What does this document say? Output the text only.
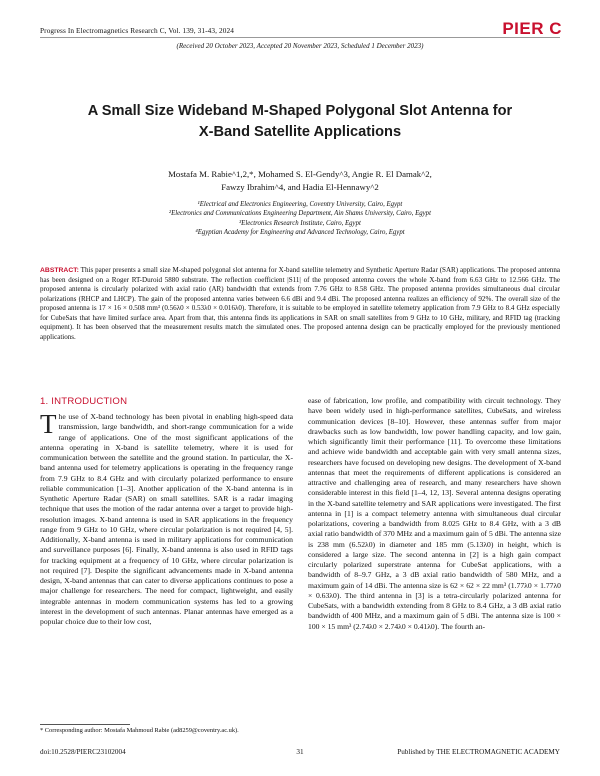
Progress In Electromagnetics Research C, Vol. 139, 31-43, 2024	PIER C
(Received 20 October 2023, Accepted 20 November 2023, Scheduled 1 December 2023)
A Small Size Wideband M-Shaped Polygonal Slot Antenna for
X-Band Satellite Applications
Mostafa M. Rabie^1,2,*, Mohamed S. El-Gendy^3, Angie R. El Damak^2,
Fawzy Ibrahim^4, and Hadia El-Hennawy^2
¹Electrical and Electronics Engineering, Coventry University, Cairo, Egypt
²Electronics and Communications Engineering Department, Ain Shams University, Cairo, Egypt
³Electronics Research Institute, Cairo, Egypt
⁴Egyptian Academy for Engineering and Advanced Technology, Cairo, Egypt
ABSTRACT: This paper presents a small size M-shaped polygonal slot antenna for X-band satellite telemetry and Synthetic Aperture Radar (SAR) applications. The proposed antenna has been designed on a Roger RT-Duroid 5880 substrate. The reflection coefficient |S11| of the proposed antenna covers the whole X-band from 6.63 GHz to 12.566 GHz. The proposed antenna is circularly polarized with axial ratio (AR) bandwidth that extends from 7.76 GHz to 8.58 GHz. The proposed antenna provides simultaneous dual circular polarizations (RHCP and LHCP). The gain of the proposed antenna varies between 6.6 dBi and 9.4 dBi. The proposed antenna realizes an efficiency of 92%. The overall size of the proposed antenna is 17 × 16 × 0.508 mm³ (0.56λ0 × 0.53λ0 × 0.016λ0). Therefore, it is suitable to be employed in satellite telemetry application from 7.9 GHz to 8.4 GHz especially for CubeSats that have limited surface area. Apart from that, this antenna finds its applications in SAR on small satellites from 9 GHz to 10 GHz, military, and RFID tag (tracking equipment). It has been observed that the measurement results match the simulated ones. The proposed antenna design can be practically employed for the previously mentioned applications.
1. INTRODUCTION

T he use of X-band technology has been pivotal in enabling high-speed data transmission, large bandwidth, and short-range communication for a wide range of applications. One of the most significant applications of the antenna operating in X-band is satellite telemetry, where it is used for communication between the satellite and the ground station. In particular, the X-band antenna used for telemetry applications is operating in the frequency range from 7.9 GHz to 8.4 GHz and with circularly polarized performance to ensure reliable communication [1–3]. Another application of the X-band antenna is in Synthetic Aperture Radar (SAR) on small satellites. SAR is a radar imaging technique that uses the motion of the radar antenna over a target to provide high-resolution images. X-band antenna is used in SAR applications in the frequency range from 9 GHz to 10 GHz, where circular polarization is not required [4, 5]. Additionally, X-band antenna is used in military applications for communication and surveillance purposes [6]. Finally, X-band antenna is also used in RFID tags for tracking equipment at a frequency of 10 GHz, where circular polarization is not required [7]. Despite the significant advancements made in X-band antenna design, X-band antennas that can cater to diverse applications continues to pose a major challenge for researchers. The need for compact, lightweight, and easily integrable antennas in modern communication systems has led to a growing interest in the development of such antennas. Planar antennas have emerged as a popular choice due to their low cost,

ease of fabrication, low profile, and compatibility with circuit technology. They have been widely used in high-performance satellites, CubeSats, and wireless communication devices [8–10]. However, these antennas suffer from major drawbacks such as low bandwidth, low power handling capacity, and low gain, which significantly limit their performance [11]. To overcome these limitations and achieve wide bandwidth and acceptable gain with very small antenna sizes, researchers have focused on developing new designs. The development of X-band antennas that meet the requirements of different applications is considered an attractive and challenging area of research, and many researchers have shown considerable interest in this field [1–4, 12, 13]. Several antenna designs operating in the X-band satellite telemetry and SAR applications were investigated. The first antenna in [1] is a compact telemetry antenna with simultaneous dual circular polarizations, covering a bandwidth from 8.025 GHz to 8.4 GHz, with a 3 dB axial ratio bandwidth of 370 MHz and a maximum gain of 5 dBi. The antenna size is 238 mm (6.52λ0) in diameter and 185 mm (5.13λ0) in height, which is considered a large size. The second antenna in [2] is a high gain compact circularly polarized superstrate antenna for CubeSat applications, with a bandwidth of 8–9.7 GHz, a 3 dB axial ratio bandwidth of 580 MHz, and a maximum gain of 14 dBi. The antenna size is 62 × 62 × 22 mm³ (1.77λ0 × 1.77λ0 × 0.63λ0). The third antenna in [3] is a tetra-circularly polarized antenna for CubeSats, with a bandwidth extending from 8 GHz to 8.4 GHz, a 3 dB axial ratio bandwidth of 400 MHz, and a maximum gain of 5 dBi. The antenna size is 100 × 100 × 15 mm³ (2.74λ0 × 2.74λ0 × 0.41λ0). The fourth an-

* Corresponding author: Mostafa Mahmoud Rabie (ad8259@coventry.ac.uk).
doi:10.2528/PIERC23102004	31	Published by THE ELECTROMAGNETIC ACADEMY
